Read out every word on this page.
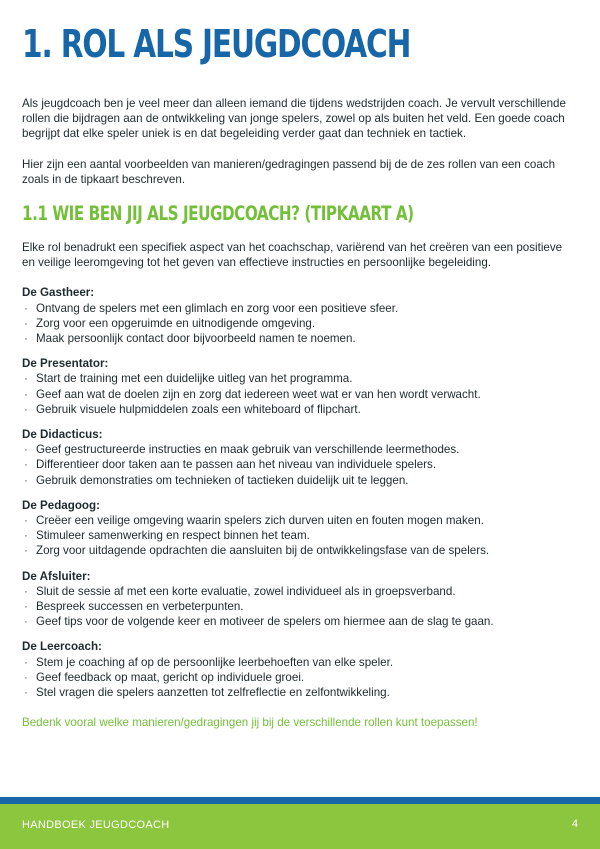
1. ROL ALS JEUGDCOACH

Als jeugdcoach ben je veel meer dan alleen iemand die tijdens wedstrijden coach. Je vervult verschillende rollen die bijdragen aan de ontwikkeling van jonge spelers, zowel op als buiten het veld. Een goede coach begrijpt dat elke speler uniek is en dat begeleiding verder gaat dan techniek en tactiek.

Hier zijn een aantal voorbeelden van manieren/gedragingen passend bij de de zes rollen van een coach zoals in de tipkaart beschreven.

1.1 WIE BEN JIJ ALS JEUGDCOACH? (TIPKAART A)

Elke rol benadrukt een specifiek aspect van het coachschap, variërend van het creëren van een positieve en veilige leeromgeving tot het geven van effectieve instructies en persoonlijke begeleiding.

De Gastheer:

· Ontvang de spelers met een glimlach en zorg voor een positieve sfeer.
· Zorg voor een opgeruimde en uitnodigende omgeving.
· Maak persoonlijk contact door bijvoorbeeld namen te noemen.

De Presentator:

· Start de training met een duidelijke uitleg van het programma.
· Geef aan wat de doelen zijn en zorg dat iedereen weet wat er van hen wordt verwacht.
· Gebruik visuele hulpmiddelen zoals een whiteboard of flipchart.

De Didacticus:

· Geef gestructureerde instructies en maak gebruik van verschillende leermethodes.
· Differentieer door taken aan te passen aan het niveau van individuele spelers.
· Gebruik demonstraties om technieken of tactieken duidelijk uit te leggen.

De Pedagoog:

· Creëer een veilige omgeving waarin spelers zich durven uiten en fouten mogen maken.
· Stimuleer samenwerking en respect binnen het team.
· Zorg voor uitdagende opdrachten die aansluiten bij de ontwikkelingsfase van de spelers.

De Afsluiter:

· Sluit de sessie af met een korte evaluatie, zowel individueel als in groepsverband.
· Bespreek successen en verbeterpunten.
· Geef tips voor de volgende keer en motiveer de spelers om hiermee aan de slag te gaan.

De Leercoach:

· Stem je coaching af op de persoonlijke leerbehoeften van elke speler.
· Geef feedback op maat, gericht op individuele groei.
· Stel vragen die spelers aanzetten tot zelfreflectie en zelfontwikkeling.

Bedenk vooral welke manieren/gedragingen jij bij de verschillende rollen kunt toepassen!

HANDBOEK JEUGDCOACH	4
